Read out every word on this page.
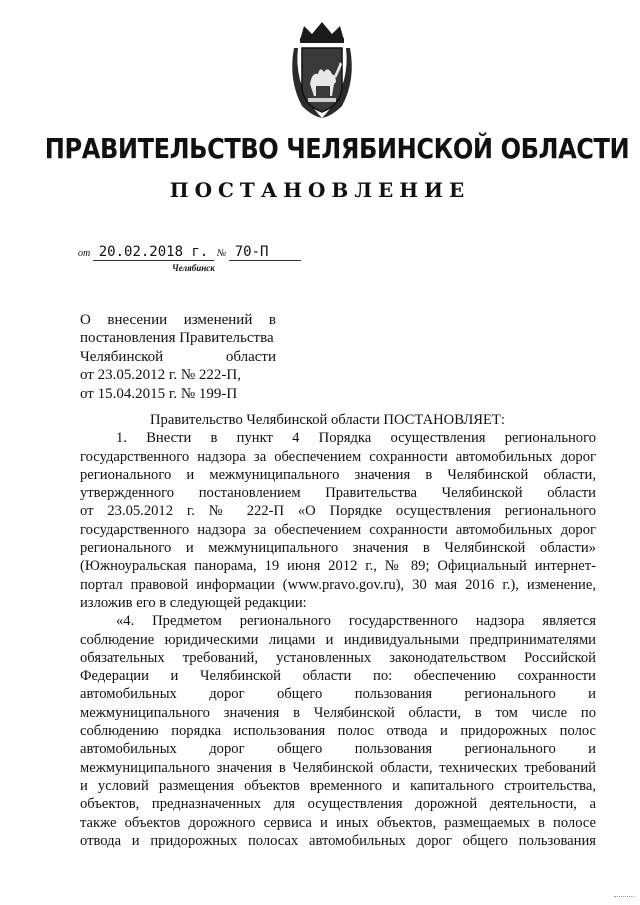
ПРАВИТЕЛЬСТВО ЧЕЛЯБИНСКОЙ ОБЛАСТИ
ПОСТАНОВЛЕНИЕ
от 20.02.2018 г. № 70-П
Челябинск
О внесении изменений в
постановления Правительства
Челябинской области
от 23.05.2012 г. № 222-П,
от 15.04.2015 г. № 199-П
Правительство Челябинской области ПОСТАНОВЛЯЕТ:
1. Внести в пункт 4 Порядка осуществления регионального
государственного надзора за обеспечением сохранности автомобильных дорог
регионального и межмуниципального значения в Челябинской области,
утвержденного постановлением Правительства Челябинской области
от 23.05.2012 г. № 222-П «О Порядке осуществления регионального
государственного надзора за обеспечением сохранности автомобильных дорог
регионального и межмуниципального значения в Челябинской области»
(Южноуральская панорама, 19 июня 2012 г., № 89; Официальный интернет-
портал правовой информации (www.pravo.gov.ru), 30 мая 2016 г.), изменение,
изложив его в следующей редакции:
«4. Предметом регионального государственного надзора является
соблюдение юридическими лицами и индивидуальными предпринимателями
обязательных требований, установленных законодательством Российской
Федерации и Челябинской области по: обеспечению сохранности
автомобильных дорог общего пользования регионального и
межмуниципального значения в Челябинской области, в том числе по
соблюдению порядка использования полос отвода и придорожных полос
автомобильных дорог общего пользования регионального и
межмуниципального значения в Челябинской области, технических требований
и условий размещения объектов временного и капитального строительства,
объектов, предназначенных для осуществления дорожной деятельности, а
также объектов дорожного сервиса и иных объектов, размещаемых в полосе
отвода и придорожных полосах автомобильных дорог общего пользования
